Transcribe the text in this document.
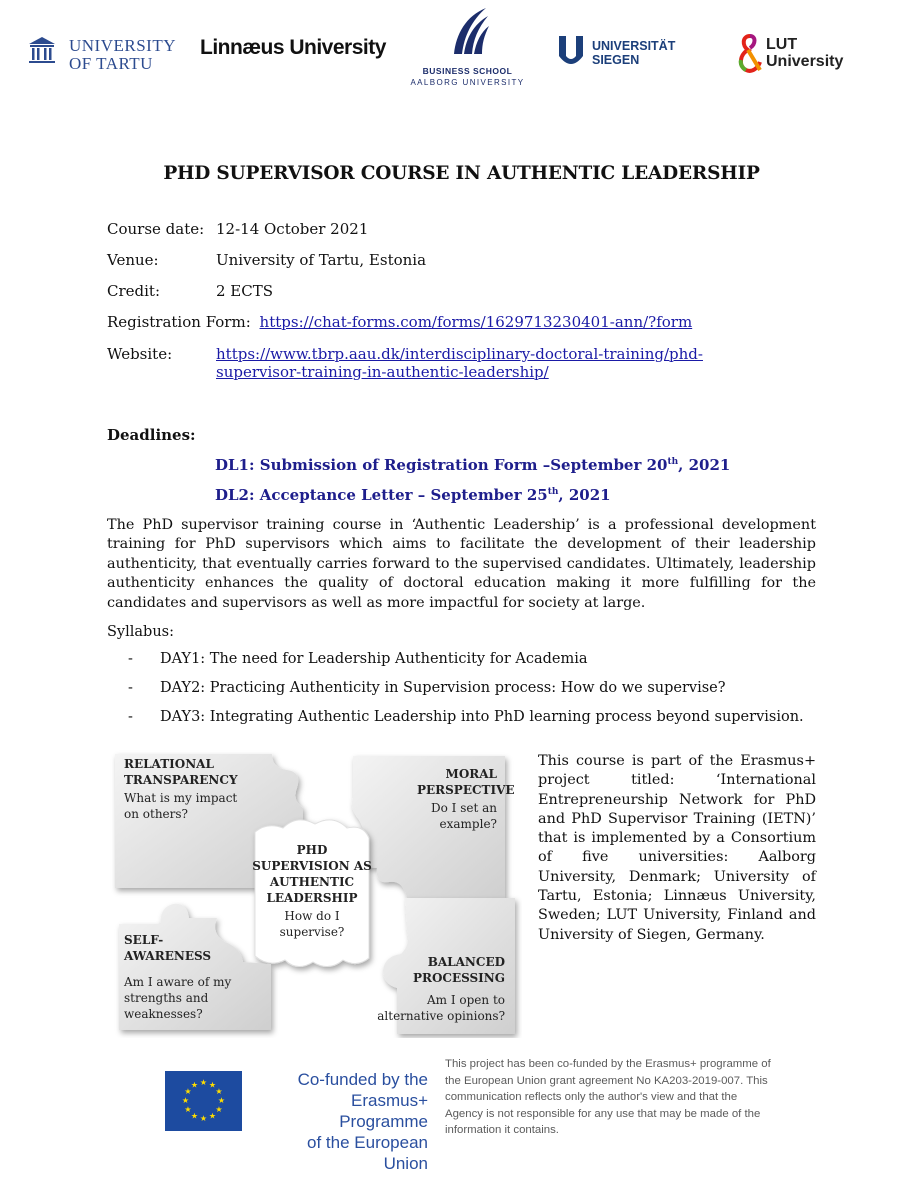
UNIVERSITY
OF TARTU
Linnæus University
BUSINESS SCHOOL
AALBORG UNIVERSITY
UNIVERSITÄT
SIEGEN
LUT
University
PHD SUPERVISOR COURSE IN AUTHENTIC LEADERSHIP
Course date: 12-14 October 2021
Venue:	University of Tartu, Estonia
Credit:	2 ECTS
Registration Form: https://chat-forms.com/forms/1629713230401-ann/?form
Website:	https://www.tbrp.aau.dk/interdisciplinary-doctoral-training/phd-
supervisor-training-in-authentic-leadership/
Deadlines:
DL1: Submission of Registration Form –September 20th, 2021
DL2: Acceptance Letter – September 25th, 2021

The PhD supervisor training course in ‘Authentic Leadership’ is a professional development training for PhD supervisors which aims to facilitate the development of their leadership authenticity, that eventually carries forward to the supervised candidates. Ultimately, leadership authenticity enhances the quality of doctoral education making it more fulfilling for the candidates and supervisors as well as more impactful for society at large.

Syllabus:
- DAY1: The need for Leadership Authenticity for Academia
- DAY2: Practicing Authenticity in Supervision process: How do we supervise?
- DAY3: Integrating Authentic Leadership into PhD learning process beyond supervision.
RELATIONAL
TRANSPARENCY
What is my impact
on others?
MORAL
PERSPECTIVE
Do I set an
example?
PHD
SUPERVISION AS
AUTHENTIC
LEADERSHIP
How do I
supervise?
SELF-
AWARENESS
Am I aware of my
strengths and
weaknesses?
BALANCED
PROCESSING
Am I open to
alternative opinions?

This course is part of the Erasmus+ project titled: ‘International Entrepreneurship Network for PhD and PhD Supervisor Training (IETN)’ that is implemented by a Consortium of five universities: Aalborg University, Denmark; University of Tartu, Estonia; Linnæus University, Sweden; LUT University, Finland and University of Siegen, Germany.

★ ★
★
★
★
★
★
★
★
★
★
★	Co-funded by the
Erasmus+ Programme
of the European Union
This project has been co-funded by the Erasmus+ programme of the European Union grant agreement No KA203-2019-007. This communication reflects only the author's view and that the Agency is not responsible for any use that may be made of the information it contains.
